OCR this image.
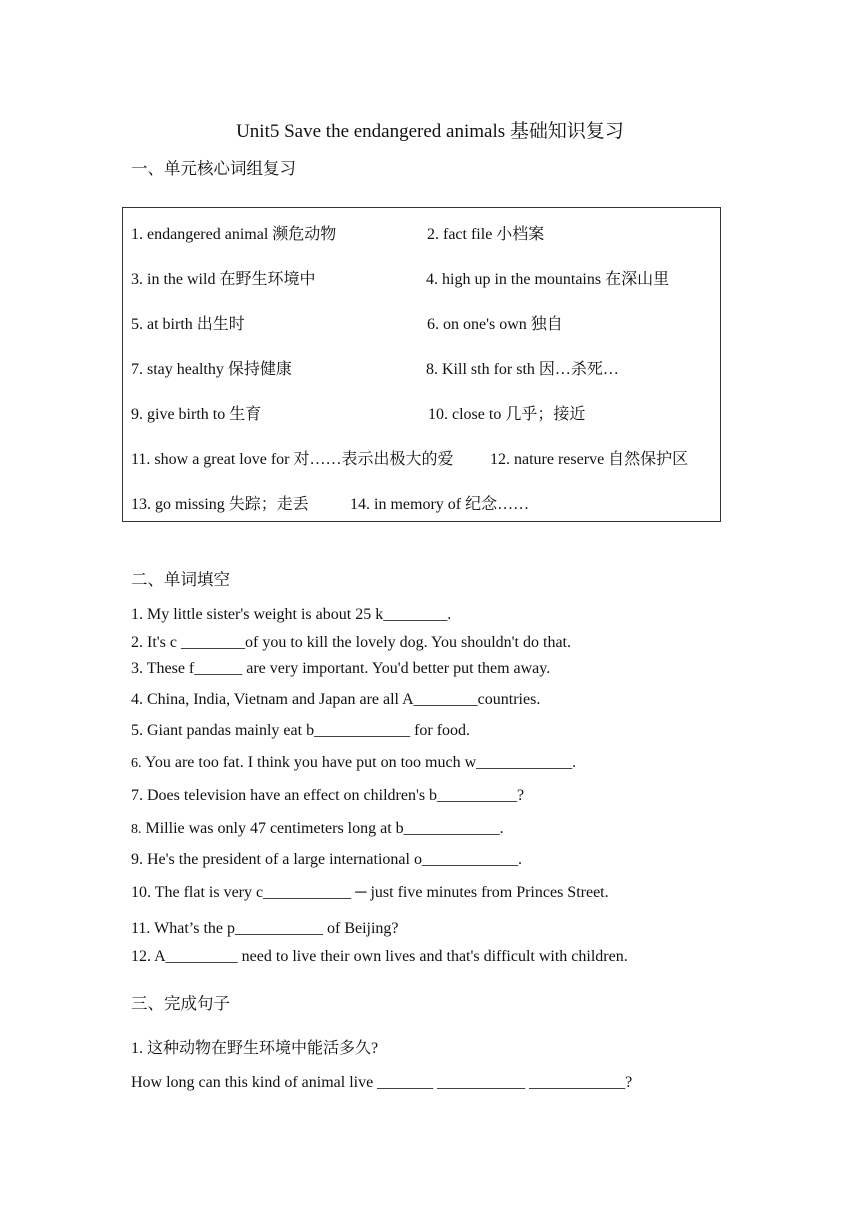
Unit5 Save the endangered animals 基础知识复习
一、单元核心词组复习
1. endangered animal 濒危动物	2. fact file 小档案
3. in the wild 在野生环境中	4. high up in the mountains 在深山里
5. at birth 出生时	6. on one's own 独自
7. stay healthy 保持健康	8. Kill sth for sth 因…杀死…
9. give birth to 生育	10. close to 几乎；接近
11. show a great love for 对……表示出极大的爱 12. nature reserve 自然保护区
13. go missing 失踪；走丢	14. in memory of 纪念……
二、单词填空
1. My little sister's weight is about 25 k________.
2. It's c ________of you to kill the lovely dog. You shouldn't do that.
3. These f______ are very important. You'd better put them away.
4. China, India, Vietnam and Japan are all A________countries.
5. Giant pandas mainly eat b____________ for food.
6. You are too fat. I think you have put on too much w____________.
7. Does television have an effect on children's b__________?
8. Millie was only 47 centimeters long at b____________.
9. He's the president of a large international o____________.
10. The flat is very c___________ ─ just five minutes from Princes Street.
11. What’s the p___________ of Beijing?
12. A_________ need to live their own lives and that's difficult with children.
三、完成句子
1. 这种动物在野生环境中能活多久?
How long can this kind of animal live _______ ___________ ____________?
